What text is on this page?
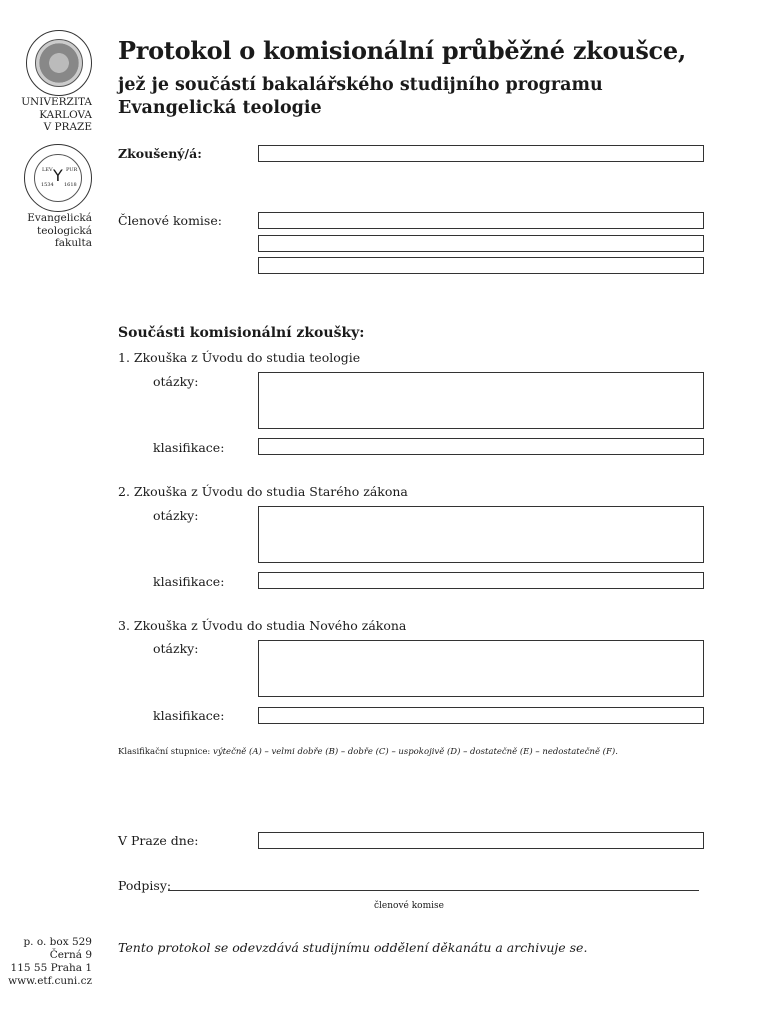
UNIVERZITA
KARLOVA
V PRAZE
Y
LEV	PUR
1534 1618
Evangelická
teologická
fakulta
Protokol o komisionální průběžné zkoušce,
jež je součástí bakalářského studijního programu
Evangelická teologie
Zkoušený/á:
Členové komise:
Součásti komisionální zkoušky:
1. Zkouška z Úvodu do studia teologie
otázky:
klasifikace:
2. Zkouška z Úvodu do studia Starého zákona
otázky:
klasifikace:
3. Zkouška z Úvodu do studia Nového zákona
otázky:
klasifikace:
Klasifikační stupnice: výtečně (A) – velmi dobře (B) – dobře (C) – uspokojivě (D) – dostatečně (E) – nedostatečně (F).
V Praze dne:
Podpisy:
členové komise
p. o. box 529
Černá 9
115 55 Praha 1
www.etf.cuni.cz
Tento protokol se odevzdává studijnímu oddělení děkanátu a archivuje se.
